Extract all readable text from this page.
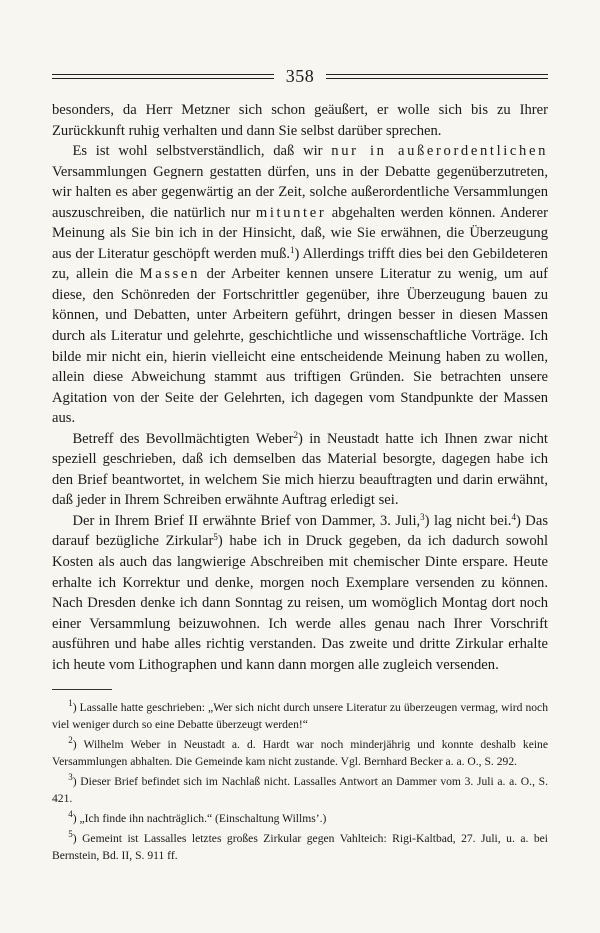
358

besonders, da Herr Metzner sich schon geäußert, er wolle sich bis zu Ihrer Zurückkunft ruhig verhalten und dann Sie selbst darüber sprechen.

Es ist wohl selbstverständlich, daß wir nur in außerordentlichen Versammlungen Gegnern gestatten dürfen, uns in der Debatte gegenüberzutreten, wir halten es aber gegenwärtig an der Zeit, solche außerordentliche Versammlungen auszuschreiben, die natürlich nur mitunter abgehalten werden können. Anderer Meinung als Sie bin ich in der Hinsicht, daß, wie Sie erwähnen, die Überzeugung aus der Literatur geschöpft werden muß.$^1$) Allerdings trifft dies bei den Gebildeteren zu, allein die Massen der Arbeiter kennen unsere Literatur zu wenig, um auf diese, den Schönreden der Fortschrittler gegenüber, ihre Überzeugung bauen zu können, und Debatten, unter Arbeitern geführt, dringen besser in diesen Massen durch als Literatur und gelehrte, geschichtliche und wissenschaftliche Vorträge. Ich bilde mir nicht ein, hierin vielleicht eine entscheidende Meinung haben zu wollen, allein diese Abweichung stammt aus triftigen Gründen. Sie betrachten unsere Agitation von der Seite der Gelehrten, ich dagegen vom Standpunkte der Massen aus.

Betreff des Bevollmächtigten Weber$^2$) in Neustadt hatte ich Ihnen zwar nicht speziell geschrieben, daß ich demselben das Material besorgte, dagegen habe ich den Brief beantwortet, in welchem Sie mich hierzu beauftragten und darin erwähnt, daß jeder in Ihrem Schreiben erwähnte Auftrag erledigt sei.

Der in Ihrem Brief II erwähnte Brief von Dammer, 3. Juli,$^3$) lag nicht bei.$^4$) Das darauf bezügliche Zirkular$^5$) habe ich in Druck gegeben, da ich dadurch sowohl Kosten als auch das langwierige Abschreiben mit chemischer Dinte erspare. Heute erhalte ich Korrektur und denke, morgen noch Exemplare versenden zu können. Nach Dresden denke ich dann Sonntag zu reisen, um womöglich Montag dort noch einer Versammlung beizuwohnen. Ich werde alles genau nach Ihrer Vorschrift ausführen und habe alles richtig verstanden. Das zweite und dritte Zirkular erhalte ich heute vom Lithographen und kann dann morgen alle zugleich versenden.

$^1$) Lassalle hatte geschrieben: „Wer sich nicht durch unsere Literatur zu überzeugen vermag, wird noch viel weniger durch so eine Debatte überzeugt werden!“

$^2$) Wilhelm Weber in Neustadt a. d. Hardt war noch minderjährig und konnte deshalb keine Versammlungen abhalten. Die Gemeinde kam nicht zustande. Vgl. Bernhard Becker a. a. O., S. 292.

$^3$) Dieser Brief befindet sich im Nachlaß nicht. Lassalles Antwort an Dammer vom 3. Juli a. a. O., S. 421.

$^4$) „Ich finde ihn nachträglich.“ (Einschaltung Willms’.)

$^5$) Gemeint ist Lassalles letztes großes Zirkular gegen Vahlteich: Rigi-Kaltbad, 27. Juli, u. a. bei Bernstein, Bd. II, S. 911 ff.
